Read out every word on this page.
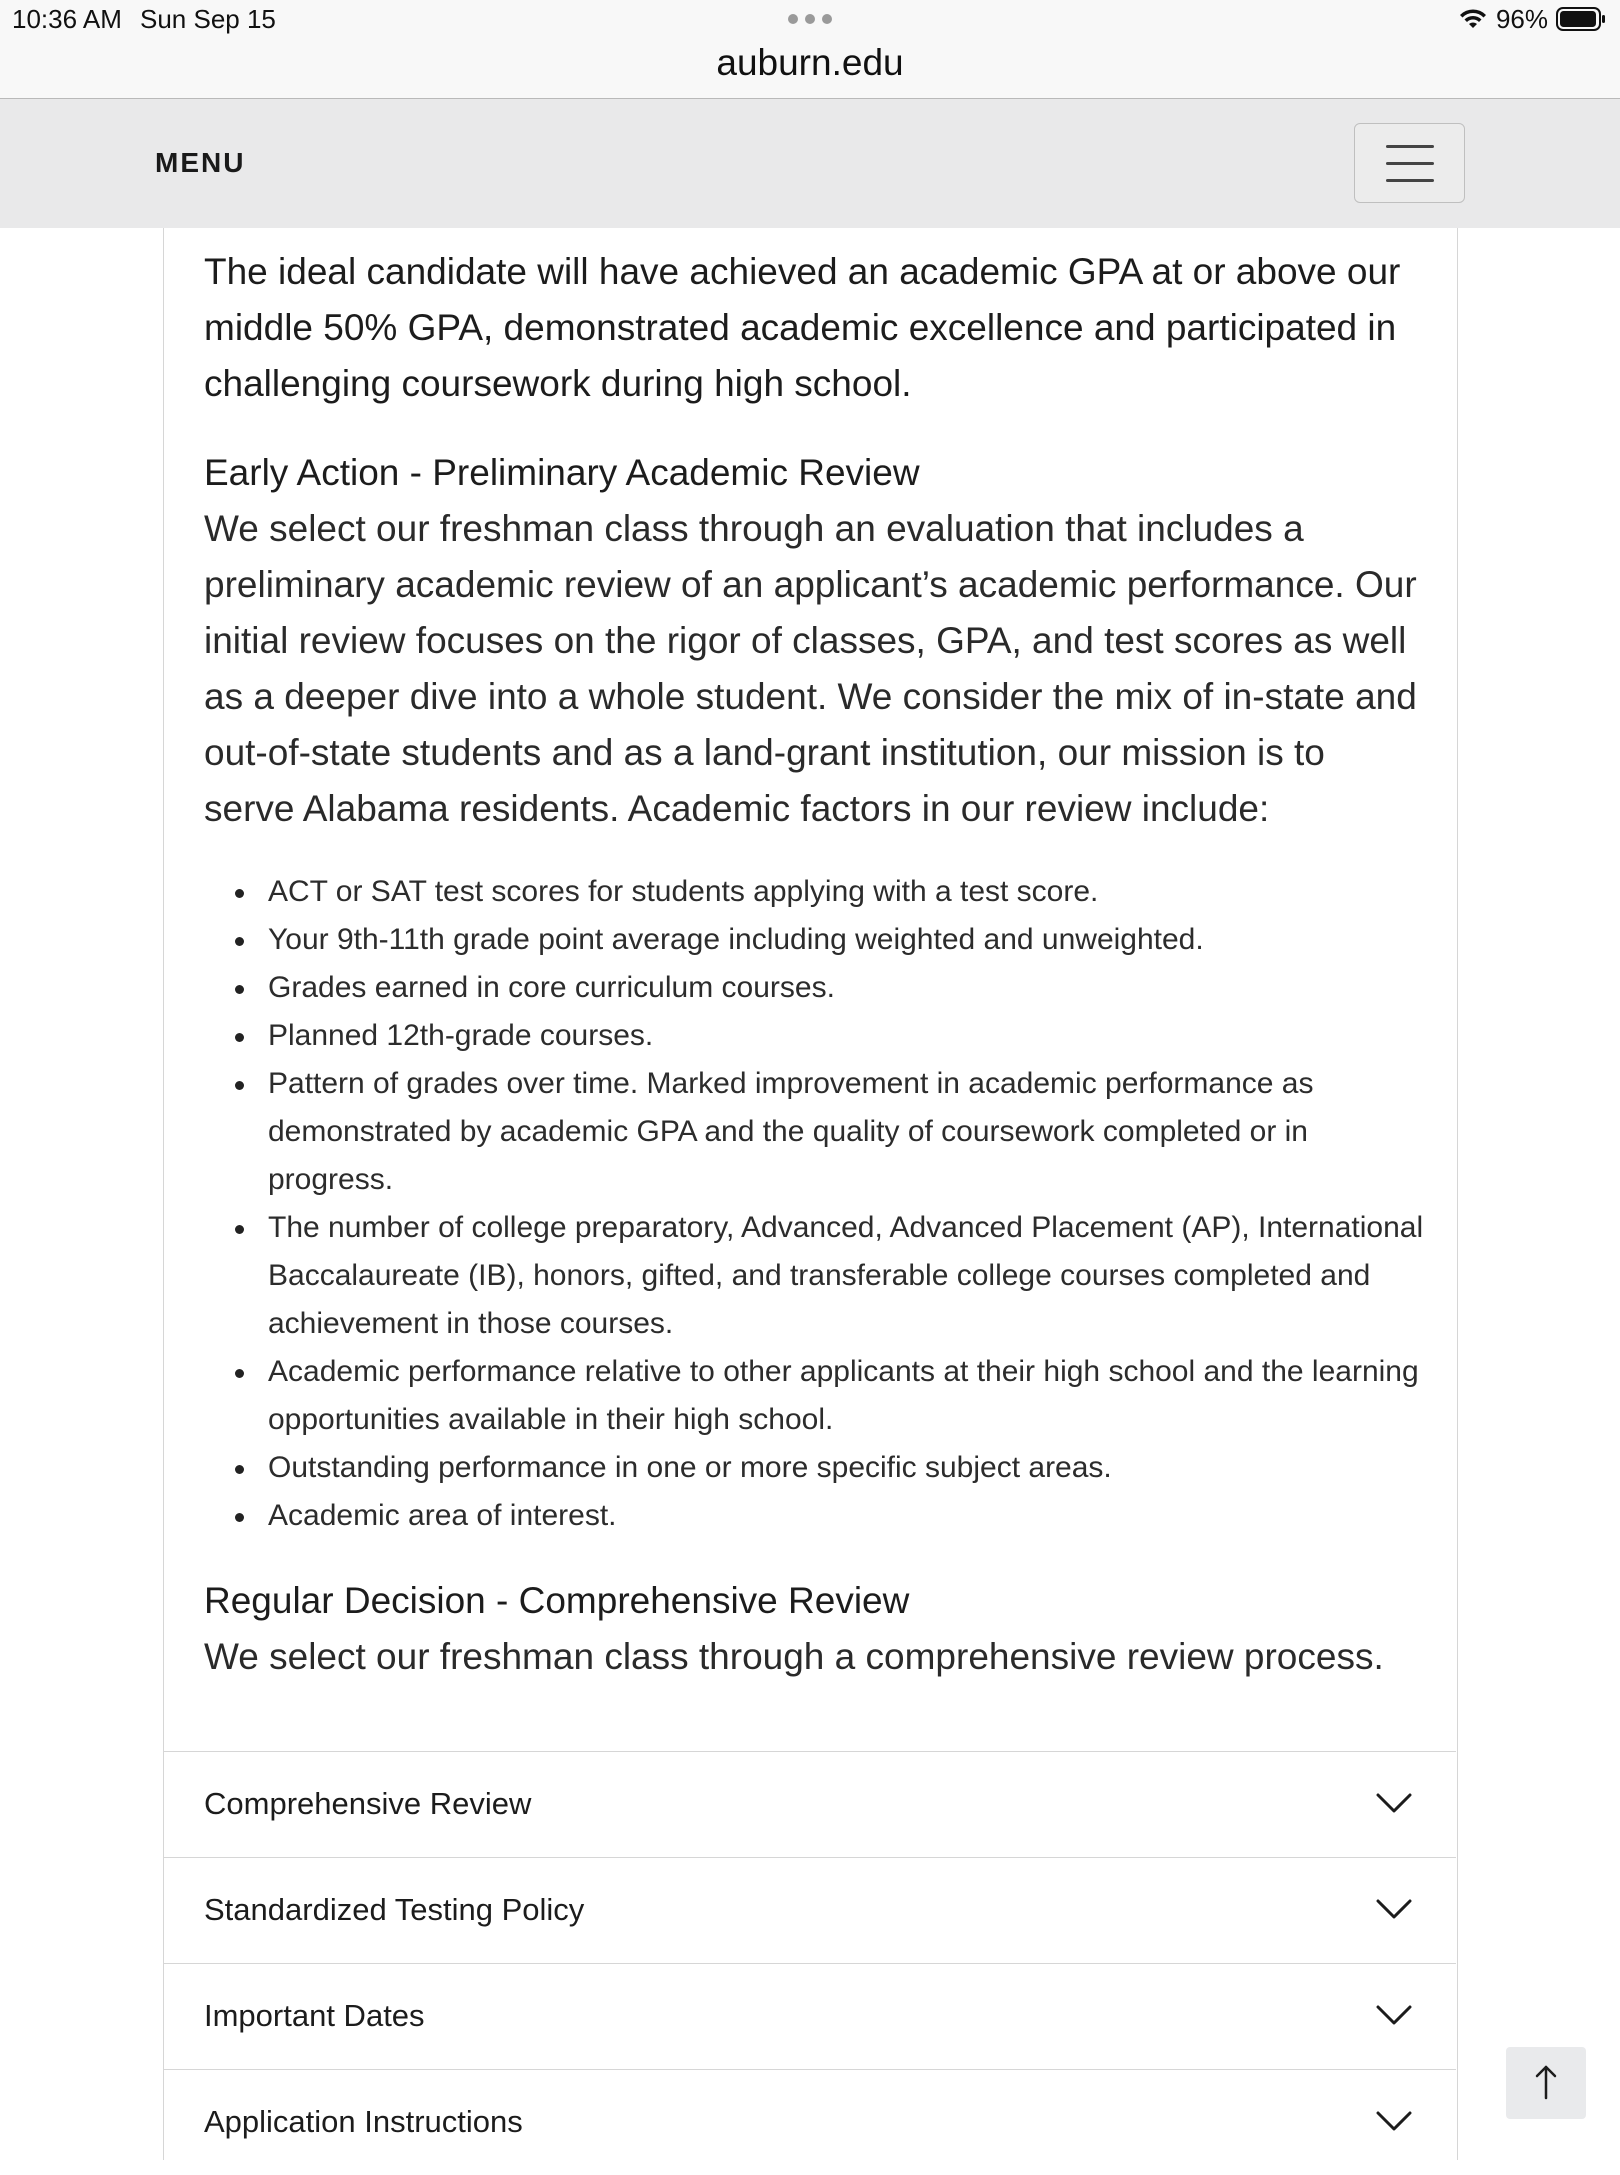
10:36 AM Sun Sep 15	96%
auburn.edu
MENU
The ideal candidate will have achieved an academic GPA at or above our middle 50% GPA, demonstrated academic excellence and participated in challenging coursework during high school.
Early Action - Preliminary Academic Review
We select our freshman class through an evaluation that includes a preliminary academic review of an applicant’s academic performance. Our initial review focuses on the rigor of classes, GPA, and test scores as well as a deeper dive into a whole student. We consider the mix of in-state and out-of-state students and as a land-grant institution, our mission is to serve Alabama residents. Academic factors in our review include:
ACT or SAT test scores for students applying with a test score.
Your 9th-11th grade point average including weighted and unweighted.
Grades earned in core curriculum courses.
Planned 12th-grade courses.
Pattern of grades over time. Marked improvement in academic performance as demonstrated by academic GPA and the quality of coursework completed or in progress.
The number of college preparatory, Advanced, Advanced Placement (AP), International Baccalaureate (IB), honors, gifted, and transferable college courses completed and achievement in those courses.
Academic performance relative to other applicants at their high school and the learning opportunities available in their high school.
Outstanding performance in one or more specific subject areas.
Academic area of interest.
Regular Decision - Comprehensive Review
We select our freshman class through a comprehensive review process.
Comprehensive Review
Standardized Testing Policy
Important Dates
Application Instructions
